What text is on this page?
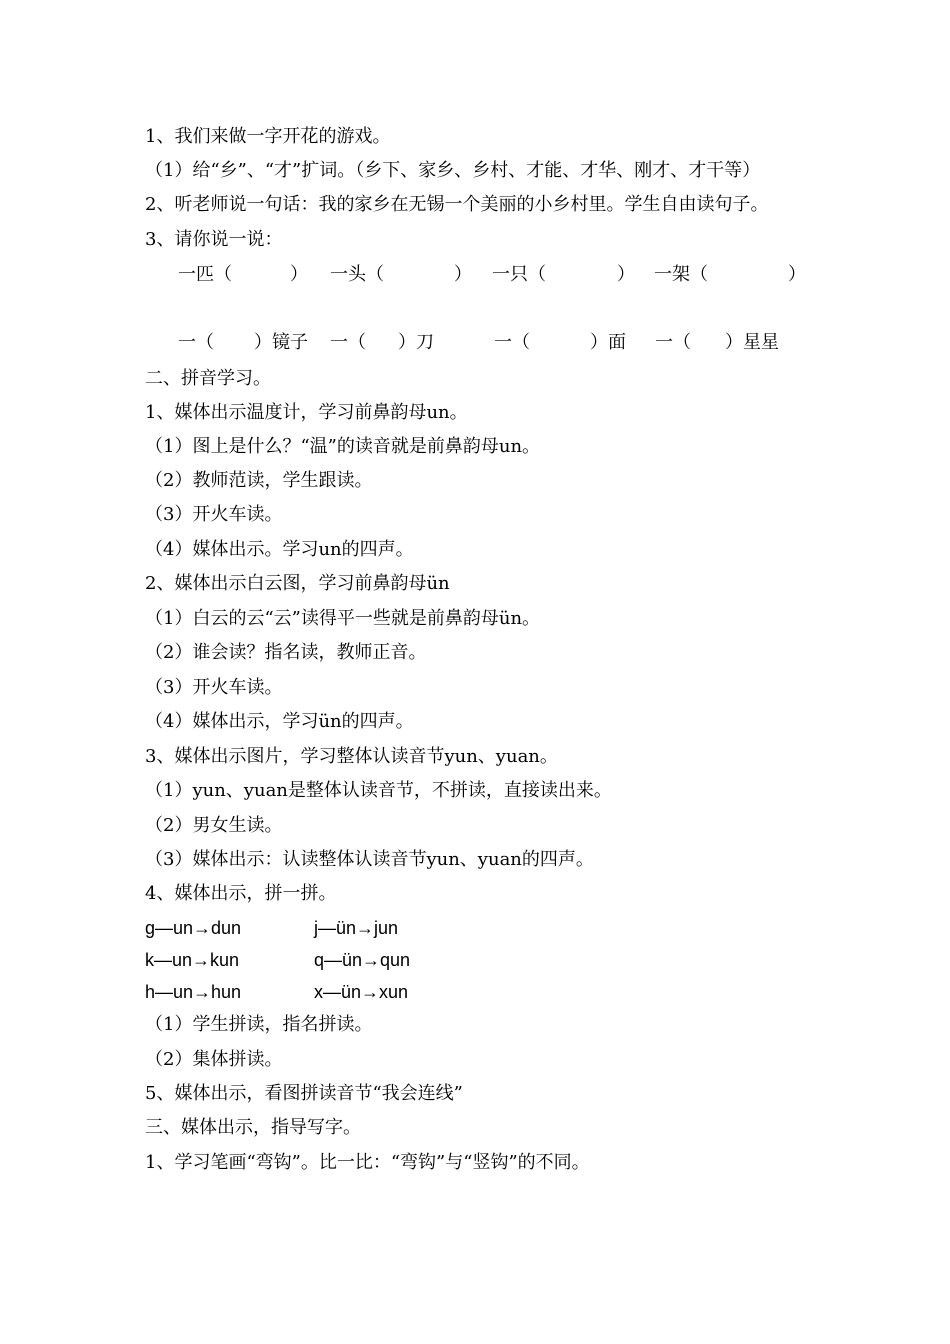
1、我们来做一字开花的游戏。
（1）给“乡”、“才”扩词。（乡下、家乡、乡村、才能、才华、刚才、才干等）
2、听老师说一句话：我的家乡在无锡一个美丽的小乡村里。学生自由读句子。
3、请你说一说：
一匹（	） 一头（	） 一只（	） 一架（	）
一（ ）镜子 一（ ）刀	一（	）面 一（ ）星星
二、拼音学习。
1、媒体出示温度计，学习前鼻韵母un。
（1）图上是什么？“温”的读音就是前鼻韵母un。
（2）教师范读，学生跟读。
（3）开火车读。
（4）媒体出示。学习un的四声。
2、媒体出示白云图，学习前鼻韵母ün
（1）白云的云“云”读得平一些就是前鼻韵母ün。
（2）谁会读？指名读，教师正音。
（3）开火车读。
（4）媒体出示，学习ün的四声。
3、媒体出示图片，学习整体认读音节yun、yuan。
（1）yun、yuan是整体认读音节，不拼读，直接读出来。
（2）男女生读。
（3）媒体出示：认读整体认读音节yun、yuan的四声。
4、媒体出示，拼一拼。
g—un→dun	j—ün→jun
k—un→kun	q—ün→qun
h—un→hun	x—ün→xun
（1）学生拼读，指名拼读。
（2）集体拼读。
5、媒体出示，看图拼读音节“我会连线”
三、媒体出示，指导写字。
1、学习笔画“弯钩”。比一比：“弯钩”与“竖钩”的不同。
